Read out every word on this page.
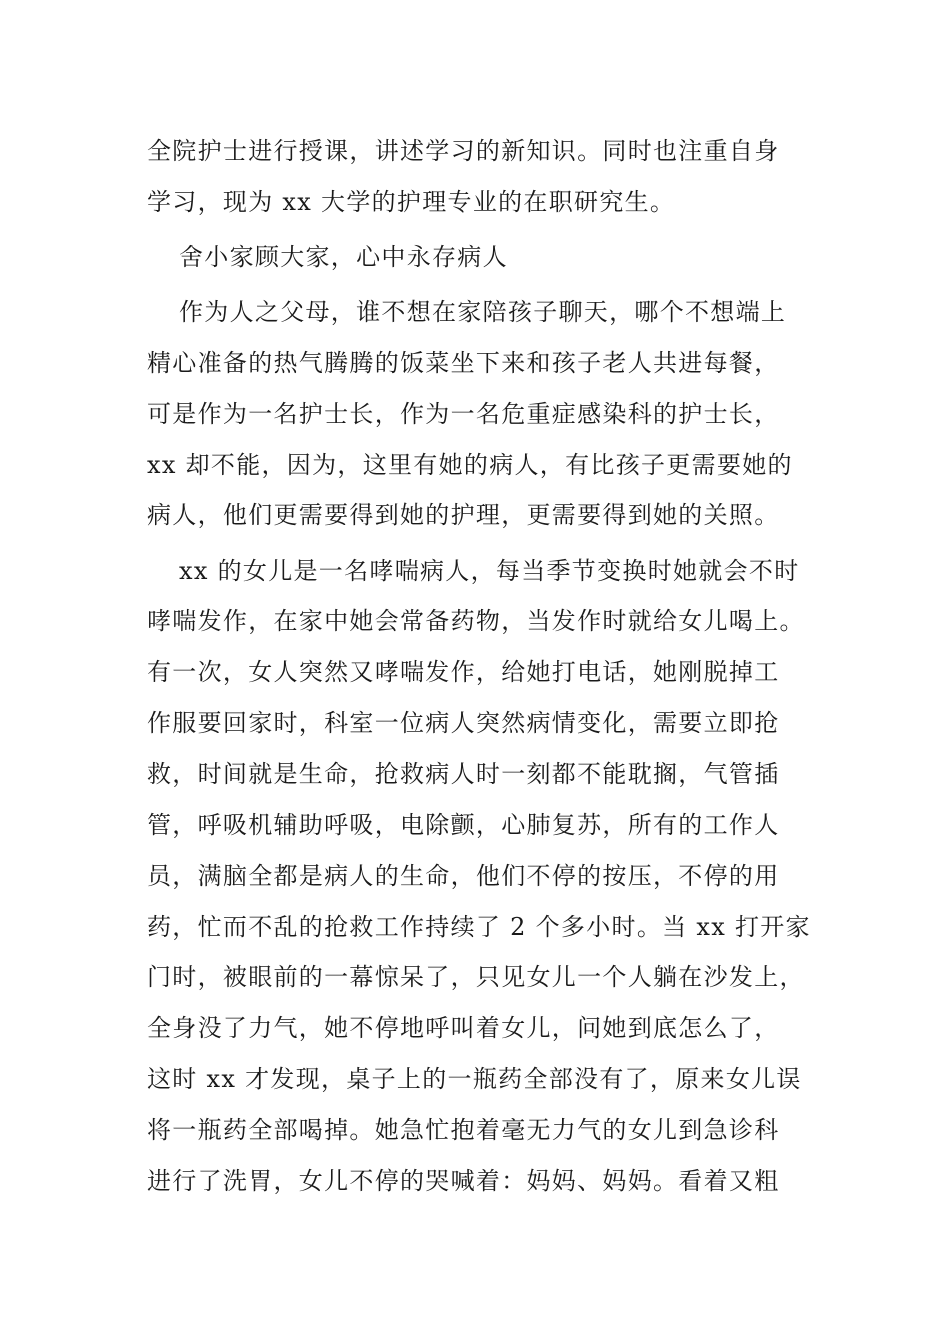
全院护士进行授课，讲述学习的新知识。同时也注重自身
学习，现为 xx 大学的护理专业的在职研究生。
舍小家顾大家，心中永存病人
作为人之父母，谁不想在家陪孩子聊天，哪个不想端上
精心准备的热气腾腾的饭菜坐下来和孩子老人共进每餐，
可是作为一名护士长，作为一名危重症感染科的护士长，
xx 却不能，因为，这里有她的病人，有比孩子更需要她的
病人，他们更需要得到她的护理，更需要得到她的关照。
xx 的女儿是一名哮喘病人，每当季节变换时她就会不时
哮喘发作，在家中她会常备药物，当发作时就给女儿喝上。
有一次，女人突然又哮喘发作，给她打电话，她刚脱掉工
作服要回家时，科室一位病人突然病情变化，需要立即抢
救，时间就是生命，抢救病人时一刻都不能耽搁，气管插
管，呼吸机辅助呼吸，电除颤，心肺复苏，所有的工作人
员，满脑全都是病人的生命，他们不停的按压，不停的用
药，忙而不乱的抢救工作持续了 2 个多小时。当 xx 打开家
门时，被眼前的一幕惊呆了，只见女儿一个人躺在沙发上，
全身没了力气，她不停地呼叫着女儿，问她到底怎么了，
这时 xx 才发现，桌子上的一瓶药全部没有了，原来女儿误
将一瓶药全部喝掉。她急忙抱着毫无力气的女儿到急诊科
进行了洗胃，女儿不停的哭喊着：妈妈、妈妈。看着又粗
